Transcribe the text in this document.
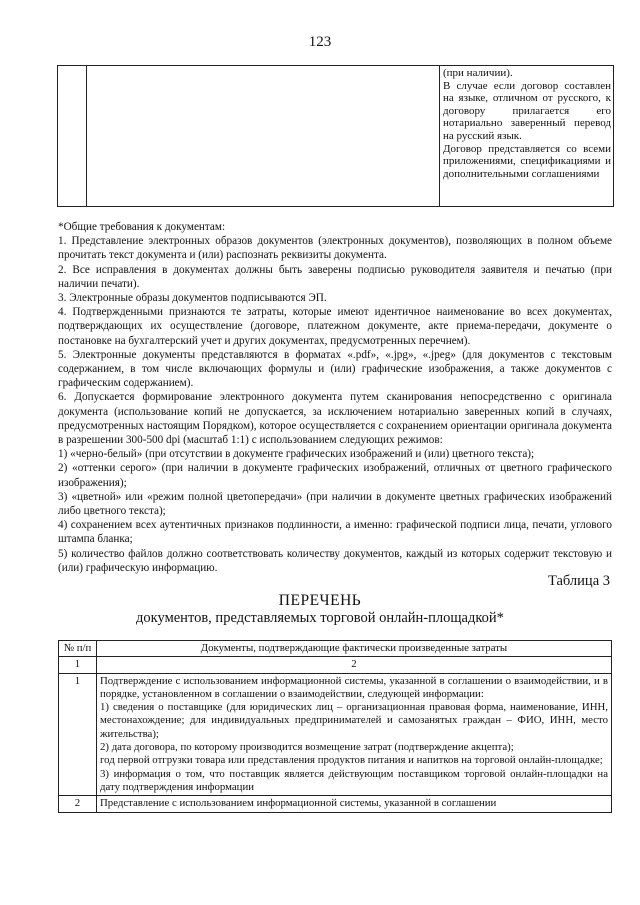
123
(при наличии).
В случае если договор составлен на языке, отличном от русского, к договору прилагается его нотариально заверенный перевод на русский язык.
Договор представляется со всеми приложениями, спецификациями и дополнительными соглашениями

*Общие требования к документам:

1. Представление электронных образов документов (электронных документов), позволяющих в полном объеме прочитать текст документа и (или) распознать реквизиты документа.

2. Все исправления в документах должны быть заверены подписью руководителя заявителя и печатью (при наличии печати).

3. Электронные образы документов подписываются ЭП.

4. Подтвержденными признаются те затраты, которые имеют идентичное наименование во всех документах, подтверждающих их осуществление (договоре, платежном документе, акте приема-передачи, документе о постановке на бухгалтерский учет и других документах, предусмотренных перечнем).

5. Электронные документы представляются в форматах «.pdf», «.jpg», «.jpeg» (для документов с текстовым содержанием, в том числе включающих формулы и (или) графические изображения, а также документов с графическим содержанием).

6. Допускается формирование электронного документа путем сканирования непосредственно с оригинала документа (использование копий не допускается, за исключением нотариально заверенных копий в случаях, предусмотренных настоящим Порядком), которое осуществляется с сохранением ориентации оригинала документа в разрешении 300-500 dpi (масштаб 1:1) с использованием следующих режимов:

1) «черно-белый» (при отсутствии в документе графических изображений и (или) цветного текста);

2) «оттенки серого» (при наличии в документе графических изображений, отличных от цветного графического изображения);

3) «цветной» или «режим полной цветопередачи» (при наличии в документе цветных графических изображений либо цветного текста);

4) сохранением всех аутентичных признаков подлинности, а именно: графической подписи лица, печати, углового штампа бланка;

5) количество файлов должно соответствовать количеству документов, каждый из которых содержит текстовую и (или) графическую информацию.

Таблица 3
ПЕРЕЧЕНЬ
документов, представляемых торговой онлайн-площадкой*
№ п/п	Документы, подтверждающие фактически произведенные затраты
1	2
1	Подтверждение с использованием информационной системы, указанной в соглашении о взаимодействии, и в порядке, установленном в соглашении о взаимодействии, следующей информации:

1) сведения о поставщике (для юридических лиц – организационная правовая форма, наименование, ИНН, местонахождение; для индивидуальных предпринимателей и самозанятых граждан – ФИО, ИНН, место жительства);

2) дата договора, по которому производится возмещение затрат (подтверждение акцепта);

год первой отгрузки товара или представления продуктов питания и напитков на торговой онлайн-площадке;

3) информация о том, что поставщик является действующим поставщиком торговой онлайн-площадки на дату подтверждения информации

2	Представление с использованием информационной системы, указанной в соглашении
